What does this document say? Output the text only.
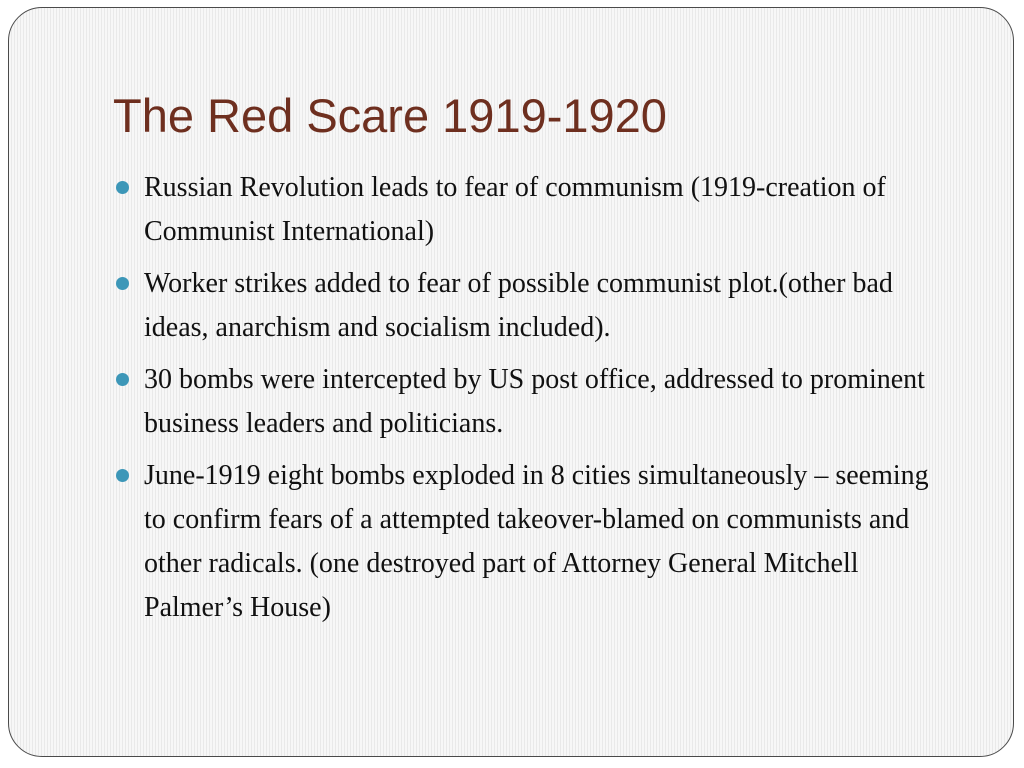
The Red Scare 1919-1920
Russian Revolution leads to fear of communism (1919-creation of Communist International)
Worker strikes added to fear of possible communist plot.(other bad ideas, anarchism and socialism included).
30 bombs were intercepted by US post office, addressed to prominent business leaders and politicians.
June-1919 eight bombs exploded in 8 cities simultaneously – seeming to confirm fears of a attempted takeover-blamed on communists and other radicals. (one destroyed part of Attorney General Mitchell Palmer’s House)
